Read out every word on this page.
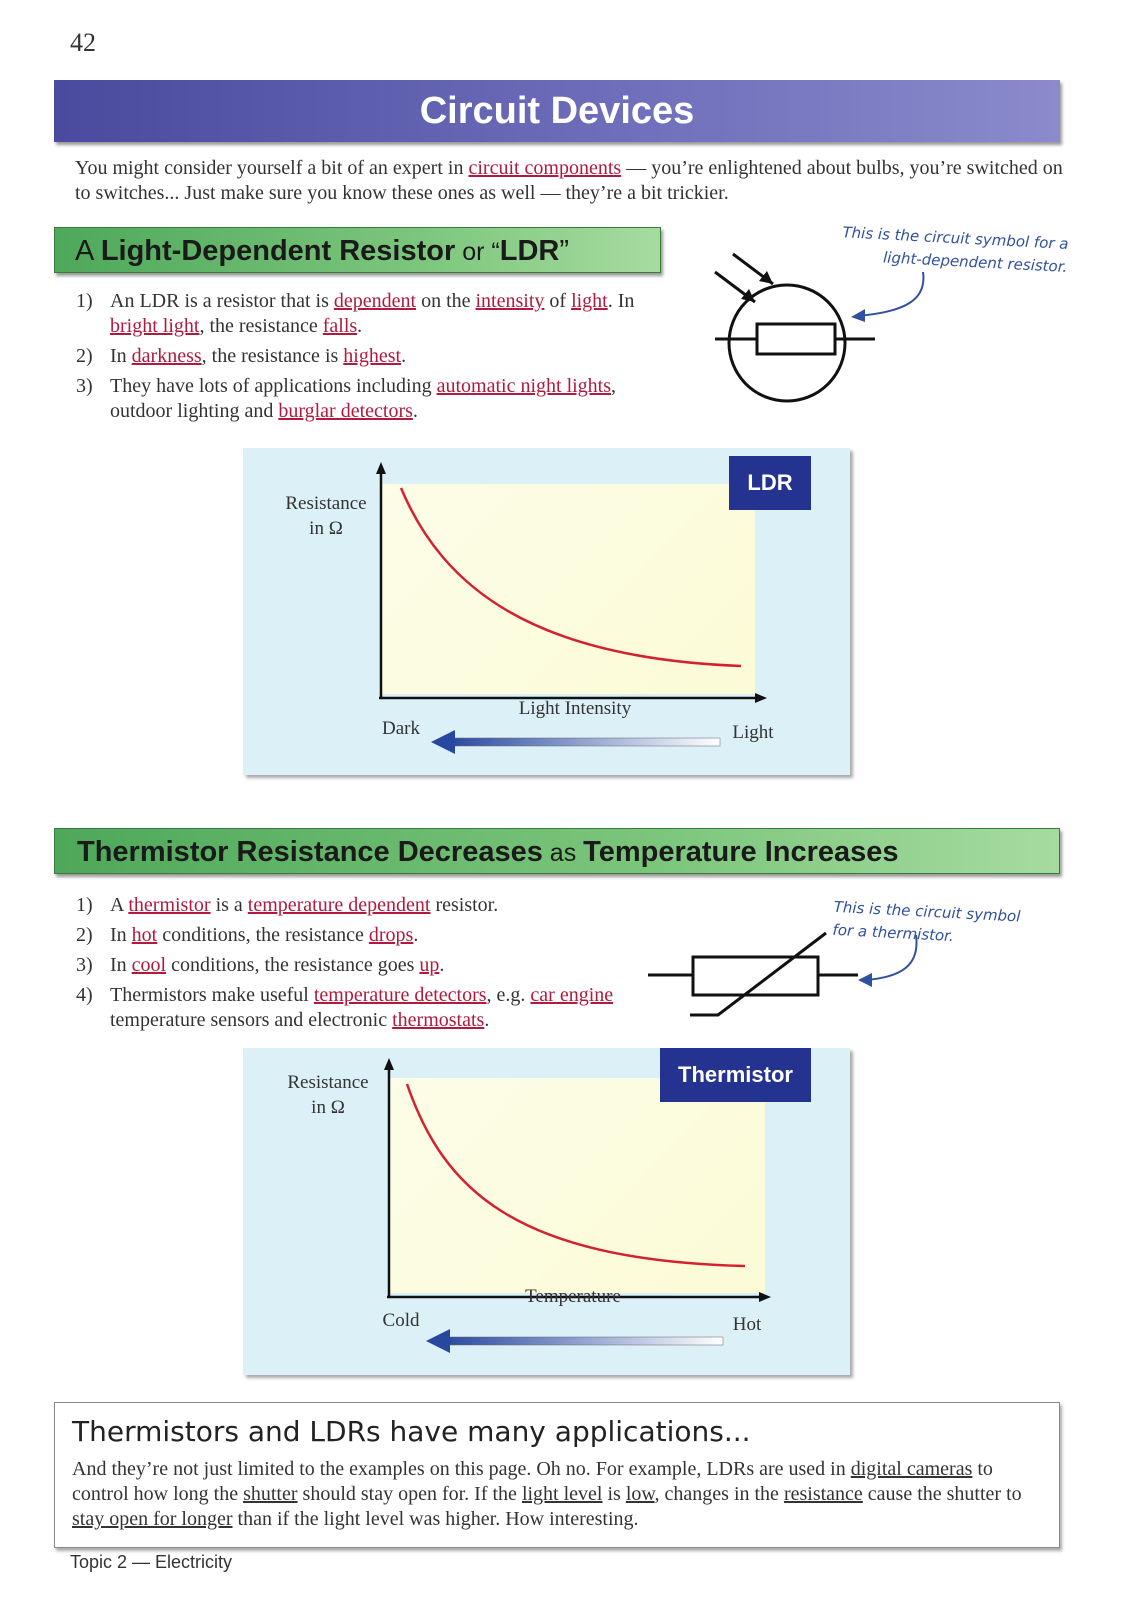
42
Circuit Devices
You might consider yourself a bit of an expert in circuit components — you’re enlightened about bulbs, you’re switched on to switches... Just make sure you know these ones as well — they’re a bit trickier.
A Light-Dependent Resistor or “LDR”
1) An LDR is a resistor that is dependent on the intensity of light. In bright light, the resistance falls.
2) In darkness, the resistance is highest.
3) They have lots of applications including automatic night lights, outdoor lighting and burglar detectors.
This is the circuit symbol for a light-dependent resistor.
LDR
Resistance
in Ω
Light Intensity
Dark	Light
Thermistor Resistance Decreases as Temperature Increases
1) A thermistor is a temperature dependent resistor.
2) In hot conditions, the resistance drops.
3) In cool conditions, the resistance goes up.
4) Thermistors make useful temperature detectors, e.g. car engine temperature sensors and electronic thermostats.
This is the circuit symbol for a thermistor.
Thermistor
Resistance
in Ω
Temperature
Cold	Hot
Thermistors and LDRs have many applications...
And they’re not just limited to the examples on this page. Oh no. For example, LDRs are used in digital cameras to control how long the shutter should stay open for. If the light level is low, changes in the resistance cause the shutter to stay open for longer than if the light level was higher. How interesting.
Topic 2 — Electricity
